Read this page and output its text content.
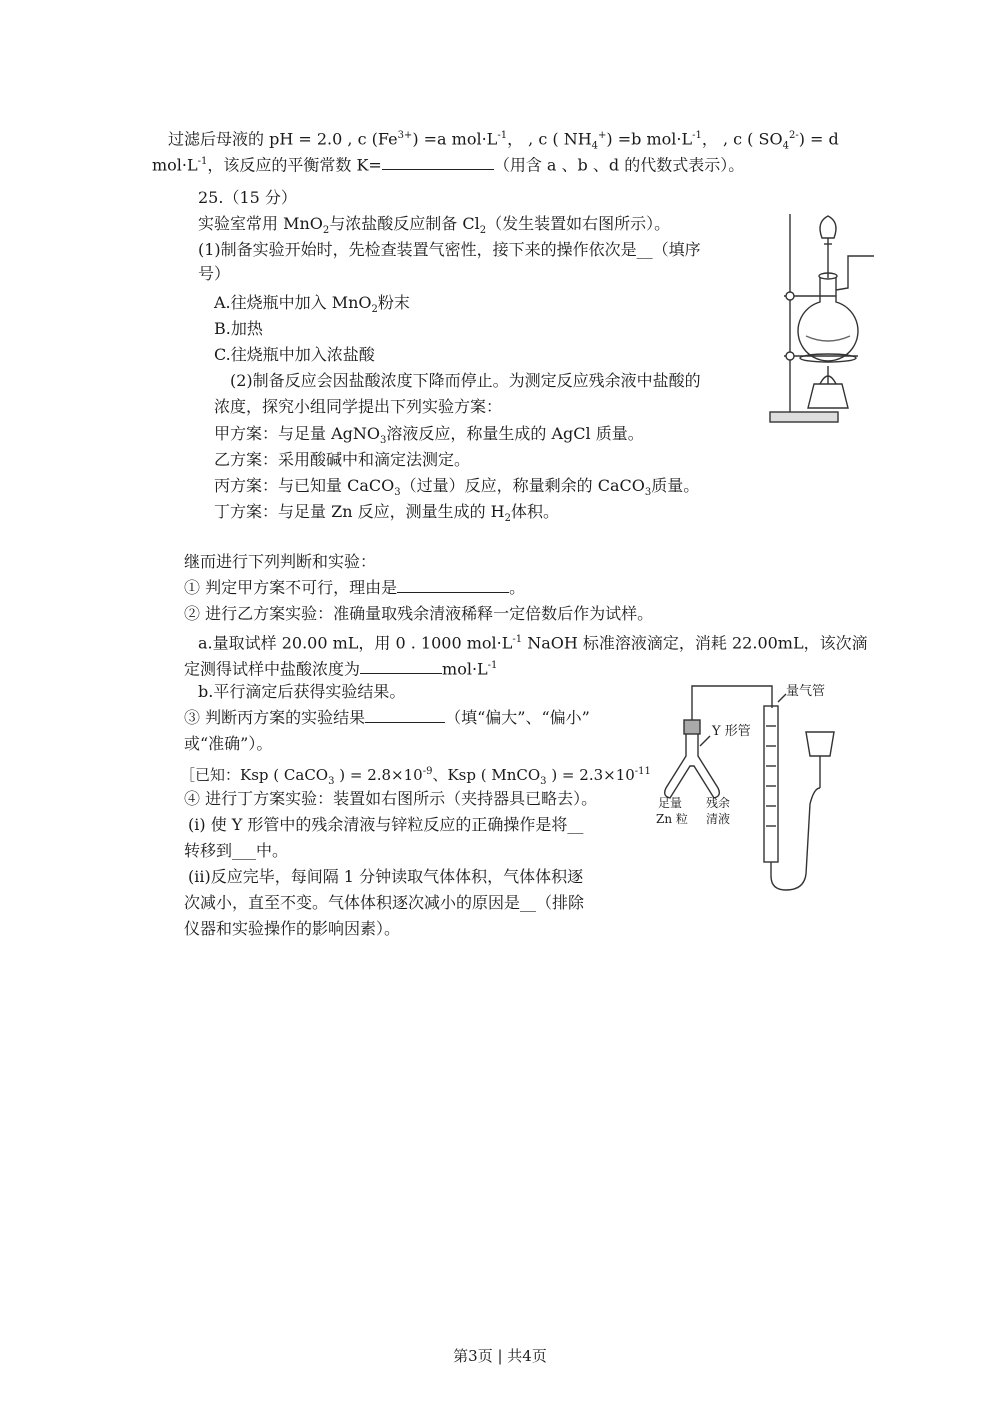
过滤后母液的 pH = 2.0 , c $(Fe^{3+}) =a$ $mol\cdot L^{-1}$， , c ( $NH_4^+) =b$ $mol\cdot L^{-1}$， , c ( $SO_4^{2-}) = d$
$mol\cdot L^{-1}$，该反应的平衡常数 K=	（用含 a 、b 、d 的代数式表示）。
25.（15 分）
实验室常用 MnO$_2$与浓盐酸反应制备 $Cl_2$（发生装置如右图所示）。
(1)制备实验开始时，先检查装置气密性，接下来的操作依次是__（填序
号）
A.往烧瓶中加入 MnO$_2$粉末
B.加热
C.往烧瓶中加入浓盐酸
(2)制备反应会因盐酸浓度下降而停止。为测定反应残余液中盐酸的
浓度，探究小组同学提出下列实验方案：
甲方案：与足量 AgNO$_3$溶液反应，称量生成的 AgCl 质量。
乙方案：采用酸碱中和滴定法测定。
丙方案：与已知量 CaCO$_3$（过量）反应，称量剩余的 CaCO$_3$质量。
丁方案：与足量 Zn 反应，测量生成的 $H_2$体积。
继而进行下列判断和实验：
① 判定甲方案不可行，理由是	。
② 进行乙方案实验：准确量取残余清液稀释一定倍数后作为试样。
a.量取试样 20.00 mL，用 0 . 1000 $mol\cdot L^{-1}$ NaOH 标准溶液滴定，消耗 22.00mL，该次滴
定测得试样中盐酸浓度为	$mol\cdot L^{-1}$
b.平行滴定后获得实验结果。
③ 判断丙方案的实验结果	（填“偏大”、“偏小”
或“准确”）。
［已知：Ksp ( CaCO$_3$ ) = $2.8\times 10^{-9}$、Ksp ( MnCO$_3$ ) = $2.3\times 10^{-11}$
④ 进行丁方案实验：装置如右图所示（夹持器具已略去）。
(i) 使 Y 形管中的残余清液与锌粒反应的正确操作是将__
转移到___中。
(ii)反应完毕，每间隔 1 分钟读取气体体积，气体体积逐
次减小，直至不变。气体体积逐次减小的原因是__（排除
仪器和实验操作的影响因素）。
Y 形管
量气管
足量
Zn 粒
残余
清液
第3页 | 共4页
